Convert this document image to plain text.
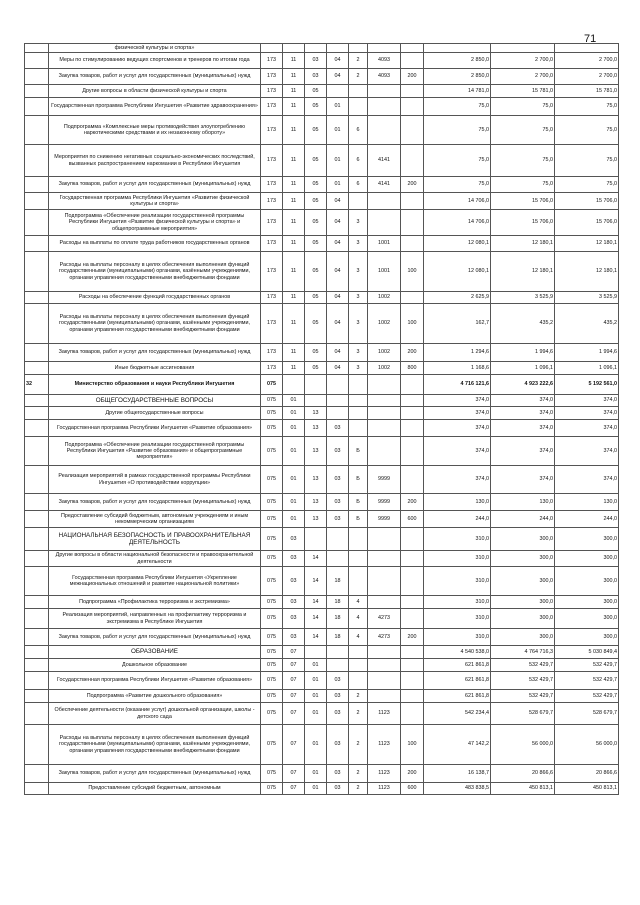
71
	физической культуры и спорта»										
	Меры по стимулированию ведущих спортсменов и тренеров по итогам года	173	11	03	04	2	4093		2 850,0	2 700,0	2 700,0
	Закупка товаров, работ и услуг для государственных (муниципальных) нужд	173	11	03	04	2	4093	200	2 850,0	2 700,0	2 700,0
	Другие вопросы в области физической культуры и спорта	173	11	05					14 781,0	15 781,0	15 781,0
	Государственная программа Республики Ингушетия «Развитие здравоохранения»	173	11	05	01				75,0	75,0	75,0
	Подпрограмма «Комплексные меры противодействия злоупотреблению наркотическими средствами и их незаконному обороту»	173	11	05	01	6			75,0	75,0	75,0
	Мероприятия по снижению негативных социально-экономических последствий, вызванных распространением наркомании в Республике Ингушетия	173	11	05	01	6	4141		75,0	75,0	75,0
	Закупка товаров, работ и услуг для государственных (муниципальных) нужд	173	11	05	01	6	4141	200	75,0	75,0	75,0
	Государственная программа Республики Ингушетия «Развитие физической культуры и спорта»	173	11	05	04				14 706,0	15 706,0	15 706,0
	Подпрограмма «Обеспечение реализации государственной программы Республики Ингушетия «Развитие физической культуры и спорта» и общепрограммные мероприятия»	173	11	05	04	3			14 706,0	15 706,0	15 706,0
	Расходы на выплаты по оплате труда работников государственных органов	173	11	05	04	3	1001		12 080,1	12 180,1	12 180,1
	Расходы на выплаты персоналу в целях обеспечения выполнения функций государственными (муниципальными) органами, казёнными учреждениями, органами управления государственными внебюджетными фондами	173	11	05	04	3	1001	100	12 080,1	12 180,1	12 180,1
	Расходы на обеспечение функций государственных органов	173	11	05	04	3	1002		2 625,9	3 525,9	3 525,9
	Расходы на выплаты персоналу в целях обеспечения выполнения функций государственными (муниципальными) органами, казёнными учреждениями, органами управления государственными внебюджетными фондами	173	11	05	04	3	1002	100	162,7	435,2	435,2
	Закупка товаров, работ и услуг для государственных (муниципальных) нужд	173	11	05	04	3	1002	200	1 294,6	1 994,6	1 994,6
	Иные бюджетные ассигнования	173	11	05	04	3	1002	800	1 168,6	1 096,1	1 096,1
32	Министерство образования и науки Республики Ингушетия	075							4 716 121,6	4 923 222,6	5 192 561,0
	ОБЩЕГОСУДАРСТВЕННЫЕ ВОПРОСЫ	075	01						374,0	374,0	374,0
	Другие общегосударственные вопросы	075	01	13					374,0	374,0	374,0
	Государственная программа Республики Ингушетия «Развитие образования»	075	01	13	03				374,0	374,0	374,0
	Подпрограмма «Обеспечение реализации государственной программы Республики Ингушетия «Развитие образования» и общепрограммные мероприятия»	075	01	13	03	Б			374,0	374,0	374,0
	Реализация мероприятий в рамках государственной программы Республики Ингушетия «О противодействии коррупции»	075	01	13	03	Б	9999		374,0	374,0	374,0
	Закупка товаров, работ и услуг для государственных (муниципальных) нужд	075	01	13	03	Б	9999	200	130,0	130,0	130,0
	Предоставление субсидий бюджетным, автономным учреждениям и иным некоммерческим организациям	075	01	13	03	Б	9999	600	244,0	244,0	244,0
	НАЦИОНАЛЬНАЯ БЕЗОПАСНОСТЬ И ПРАВООХРАНИТЕЛЬНАЯ ДЕЯТЕЛЬНОСТЬ	075	03						310,0	300,0	300,0
	Другие вопросы в области национальной безопасности и правоохранительной деятельности	075	03	14					310,0	300,0	300,0
	Государственная программа Республики Ингушетия «Укрепление межнациональных отношений и развитие национальной политики»	075	03	14	18				310,0	300,0	300,0
	Подпрограмма «Профилактика терроризма и экстремизма»	075	03	14	18	4			310,0	300,0	300,0
	Реализация мероприятий, направленных на профилактику терроризма и экстремизма в Республике Ингушетия	075	03	14	18	4	4273		310,0	300,0	300,0
	Закупка товаров, работ и услуг для государственных (муниципальных) нужд	075	03	14	18	4	4273	200	310,0	300,0	300,0
	ОБРАЗОВАНИЕ	075	07						4 540 538,0	4 764 716,3	5 030 849,4
	Дошкольное образование	075	07	01					621 861,8	532 429,7	532 429,7
	Государственная программа Республики Ингушетия «Развитие образования»	075	07	01	03				621 861,8	532 429,7	532 429,7
	Подпрограмма «Развитие дошкольного образования»	075	07	01	03	2			621 861,8	532 429,7	532 429,7
	Обеспечение деятельности (оказание услуг) дошкольной организации, школы - детского сада	075	07	01	03	2	1123		542 234,4	528 679,7	528 679,7
	Расходы на выплаты персоналу в целях обеспечения выполнения функций государственными (муниципальными) органами, казёнными учреждениями, органами управления государственными внебюджетными фондами	075	07	01	03	2	1123	100	47 142,2	56 000,0	56 000,0
	Закупка товаров, работ и услуг для государственных (муниципальных) нужд	075	07	01	03	2	1123	200	16 138,7	20 866,6	20 866,6
	Предоставление субсидий бюджетным, автономным	075	07	01	03	2	1123	600	483 838,5	450 813,1	450 813,1
